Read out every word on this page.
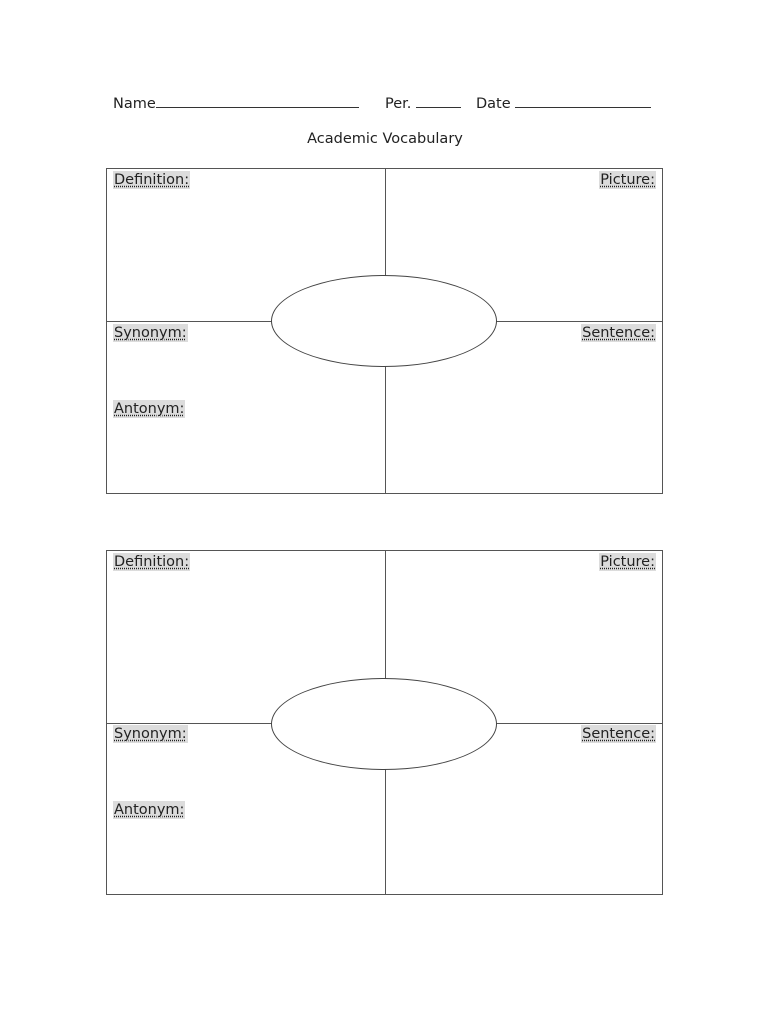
Name	Per.	Date
Academic Vocabulary
Definition:	Picture:
Synonym:	Sentence:
Antonym:
Definition:	Picture:
Synonym:	Sentence:
Antonym:
